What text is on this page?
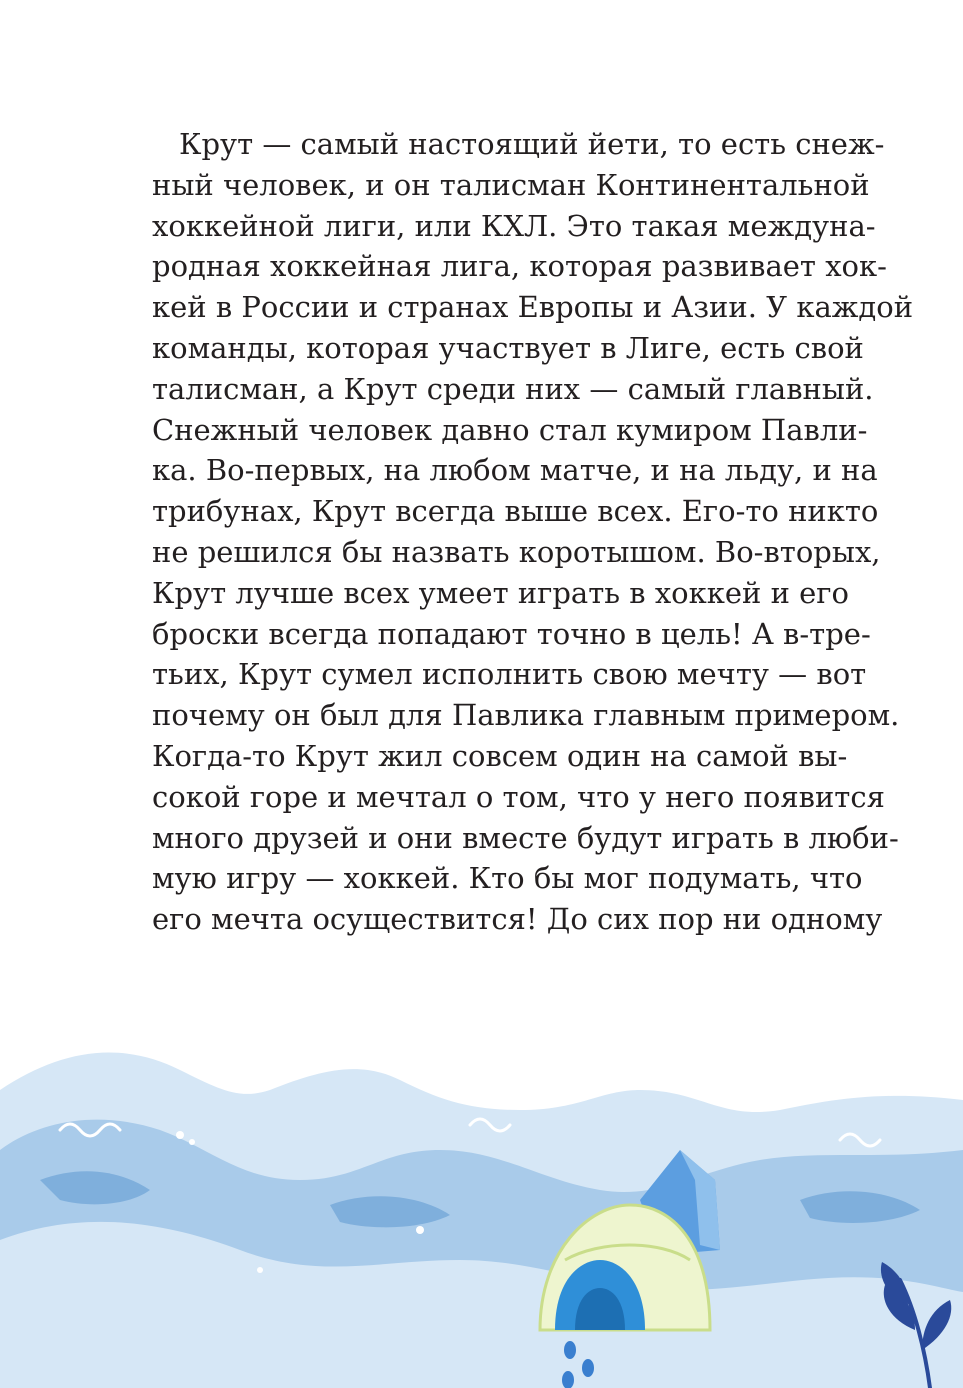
Крут — самый настоящий йети, то есть снеж-
ный человек, и он талисман Континентальной
хоккейной лиги, или КХЛ. Это такая междуна-
родная хоккейная лига, которая развивает хок-
кей в России и странах Европы и Азии. У каждой
команды, которая участвует в Лиге, есть свой
талисман, а Крут среди них — самый главный.
Снежный человек давно стал кумиром Павли-
ка. Во-первых, на любом матче, и на льду, и на
трибунах, Крут всегда выше всех. Его-то никто
не решился бы назвать коротышом. Во-вторых,
Крут лучше всех умеет играть в хоккей и его
броски всегда попадают точно в цель! А в-тре-
тьих, Крут сумел исполнить свою мечту — вот
почему он был для Павлика главным примером.
Когда-то Крут жил совсем один на самой вы-
сокой горе и мечтал о том, что у него появится
много друзей и они вместе будут играть в люби-
мую игру — хоккей. Кто бы мог подумать, что
его мечта осуществится! До сих пор ни одному
